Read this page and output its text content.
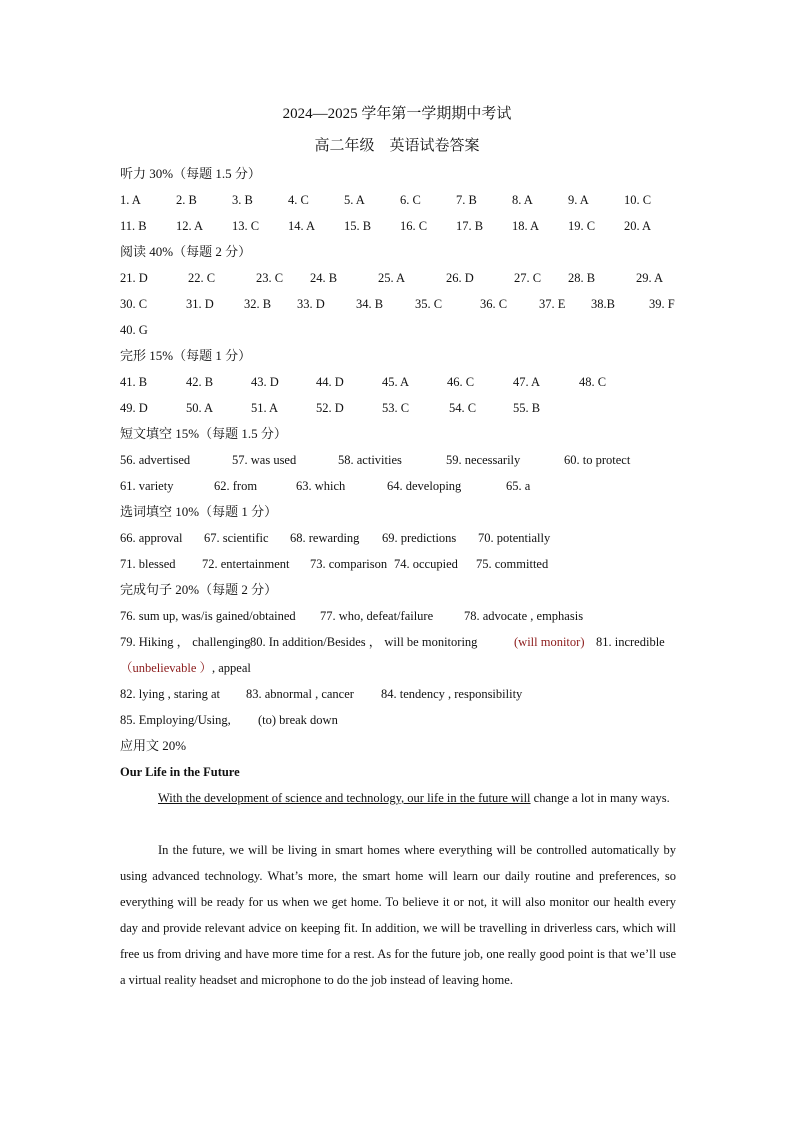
2024—2025 学年第一学期期中考试
高二年级　英语试卷答案
听力 30%（每题 1.5 分）
1. A	2. B	3. B	4. C	5. A	6. C	7. B	8. A	9. A	10. C
11. B 12. A 13. C 14. A 15. B 16. C 17. B 18. A 19. C 20. A
阅读 40%（每题 2 分）
21. D	22. C	23. C 24. B	25. A	26. D	27. C 28. B	29. A
30. C	31. D 32. B 33. D 34. B	35. C	36. C	37. E 38.B	39. F
40. G
完形 15%（每题 1 分）
41. B	42. B	43. D	44. D	45. A	46. C	47. A	48. C
49. D	50. A	51. A	52. D	53. C	54. C	55. B
短文填空 15%（每题 1.5 分）
56. advertised	57. was used	58. activities	59. necessarily	60. to protect
61. variety	62. from	63. which	64. developing	65. a
选词填空 10%（每题 1 分）
66. approval 67. scientific 68. rewarding 69. predictions 70. potentially
71. blessed 72. entertainment 73. comparison 74. occupied 75. committed
完成句子 20%（每题 2 分）
76. sum up, was/is gained/obtained 77. who, defeat/failure 78. advocate , emphasis
79. Hiking ， challenging 80. In addition/Besides ， will be monitoring	(will monitor) 81. incredible
（unbelievable ）, appeal
82. lying , staring at 83. abnormal , cancer 84. tendency , responsibility
85. Employing/Using, (to) break down
应用文 20%
Our Life in the Future
With the development of science and technology, our life in the future will change a lot in many ways.
In the future, we will be living in smart homes where everything will be controlled automatically by using advanced technology. What’s more, the smart home will learn our daily routine and preferences, so everything will be ready for us when we get home. To believe it or not, it will also monitor our health every day and provide relevant advice on keeping fit. In addition, we will be travelling in driverless cars, which will free us from driving and have more time for a rest. As for the future job, one really good point is that we’ll use a virtual reality headset and microphone to do the job instead of leaving home.
